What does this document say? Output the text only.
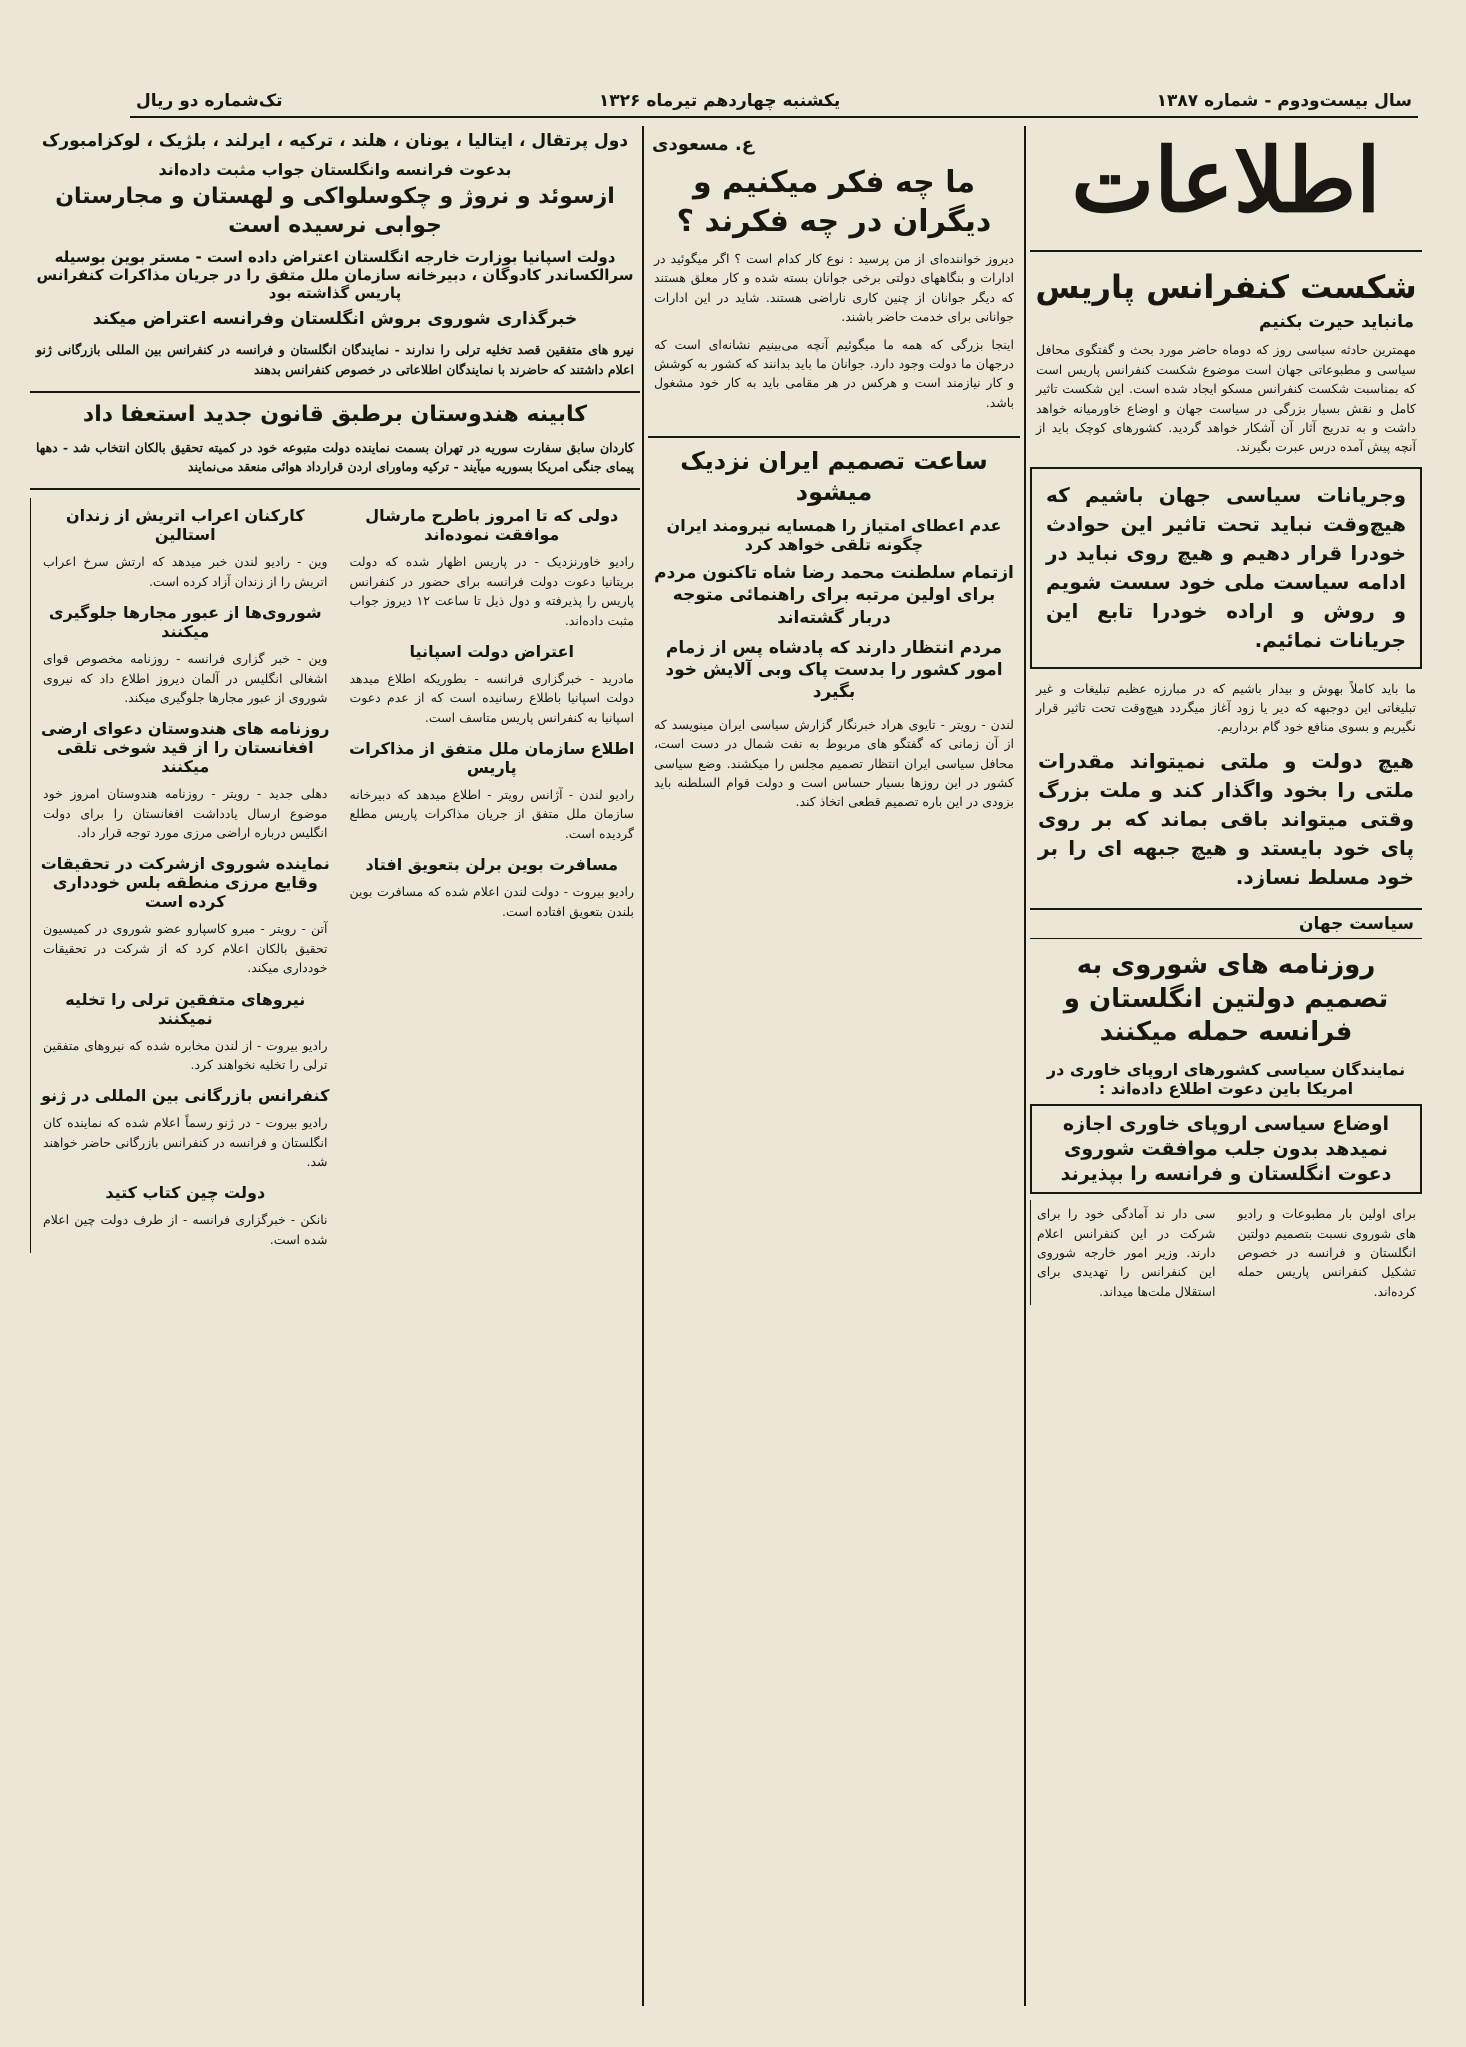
سال بیست‌و‌دوم - شماره ۱۳۸۷
یکشنبه چهاردهم تیرماه ۱۳۲۶
تک‌شماره دو ریال
اطلاعات
شکست کنفرانس پاریس
مانباید حیرت بکنیم

مهمترین حادثه سیاسی روز که دوماه حاضر مورد بحث و گفتگوی محافل سیاسی و مطبوعاتی جهان است موضوع شکست کنفرانس پاریس است که بمناسبت شکست کنفرانس مسکو ایجاد شده است. این شکست تاثیر کامل و نقش بسیار بزرگی در سیاست جهان و اوضاع خاورمیانه خواهد داشت و به تدریج آثار آن آشکار خواهد گردید. کشورهای کوچک باید از آنچه پیش آمده درس عبرت بگیرند.

وجریانات سیاسی جهان باشیم که هیچ‌وقت نباید تحت تاثیر این حوادث خودرا قرار دهیم و هیچ روی نباید در ادامه سیاست ملی خود سست شویم و روش و اراده خودرا تابع این جریانات نمائیم.

ما باید کاملاً بهوش و بیدار باشیم که در مبارزه عظیم تبلیغات و غیر تبلیغاتی این دوجبهه که دیر یا زود آغاز میگردد هیچ‌وقت تحت تاثیر قرار نگیریم و بسوی منافع خود گام برداریم.

هیچ دولت و ملتی نمیتواند مقدرات ملتی را بخود واگذار کند و ملت بزرگ وقتی میتواند باقی بماند که بر روی پای خود بایستد و هیچ جبهه ای را بر خود مسلط نسازد.

سیاست جهان
روزنامه های شوروی به تصمیم دولتین انگلستان و فرانسه حمله میکنند
نمایندگان سیاسی کشورهای اروپای خاوری در امریکا باین دعوت اطلاع داده‌اند :
اوضاع سیاسی اروپای خاوری اجازه نمیدهد بدون جلب موافقت شوروی دعوت انگلستان و فرانسه را بپذیرند

برای اولین بار مطبوعات و رادیو های شوروی نسبت بتصمیم دولتین انگلستان و فرانسه در خصوص تشکیل کنفرانس پاریس حمله کرده‌اند.

سی دار ند آمادگی خود را برای شرکت در این کنفرانس اعلام دارند. وزیر امور خارجه شوروی این کنفرانس را تهدیدی برای استقلال ملت‌ها میداند.

ع. مسعودی
ما چه فکر میکنیم و دیگران در چه فکرند ؟

دیروز خواننده‌ای از من پرسید : نوع کار کدام است ؟ اگر میگوئید در ادارات و بنگاههای دولتی برخی جوانان بسته شده و کار معلق هستند که دیگر جوانان از چنین کاری ناراضی هستند. شاید در این ادارات جوانانی برای خدمت حاضر باشند.

اینجا بزرگی که همه ما میگوئیم آنچه می‌بینیم نشانه‌ای است که درجهان ما دولت وجود دارد. جوانان ما باید بدانند که کشور به کوشش و کار نیازمند است و هرکس در هر مقامی باید به کار خود مشغول باشد.

ساعت تصمیم ایران نزدیک میشود
عدم اعطای امتیاز را همسایه نیرومند ایران چگونه تلقی خواهد کرد
ازتمام سلطنت محمد رضا شاه تاکنون مردم برای اولین مرتبه برای راهنمائی متوجه دربار گشته‌اند
مردم انتظار دارند که پادشاه پس از زمام امور کشور را بدست پاک وبی آلایش خود بگیرد

لندن - رویتر - تایوی هراد خبرنگار گزارش سیاسی ایران مینویسد که از آن زمانی که گفتگو های مربوط به نفت شمال در دست است، محافل سیاسی ایران انتظار تصمیم مجلس را میکشند. وضع سیاسی کشور در این روزها بسیار حساس است و دولت قوام السلطنه باید بزودی در این باره تصمیم قطعی اتخاذ کند.

دول پرتقال ، ایتالیا ، یونان ، هلند ، ترکیه ، ایرلند ، بلژیک ، لوکزامبورک
بدعوت فرانسه وانگلستان جواب مثبت داده‌اند
ازسوئد و نروژ و چکوسلواکی و لهستان و مجارستان جوابی نرسیده است
دولت اسپانیا بوزارت خارجه انگلستان اعتراض داده است - مستر بوین بوسیله سرالکساندر کادوگان ، دبیرخانه سازمان ملل متفق را در جریان مذاکرات کنفرانس پاریس گذاشته بود
خبرگذاری شوروی بروش انگلستان وفرانسه اعتراض میکند

نیرو های متفقین قصد تخلیه ترلی را ندارند - نمایندگان انگلستان و فرانسه در کنفرانس بین المللی بازرگانی ژنو اعلام داشتند که حاضرند با نمایندگان اطلاعاتی در خصوص کنفرانس بدهند

کابینه هندوستان برطبق قانون جدید استعفا داد

کاردان سابق سفارت سوریه در تهران بسمت نماینده دولت متبوعه خود در کمیته تحقیق بالکان انتخاب شد - دهها پیمای جنگی امریکا بسوریه میآیند - ترکیه وماورای اردن قرارداد هوائی منعقد می‌نمایند

دولی که تا امروز باطرح مارشال موافقت نموده‌اند

رادیو خاورنزدیک - در پاریس اظهار شده که دولت بریتانیا دعوت دولت فرانسه برای حضور در کنفرانس پاریس را پذیرفته و دول ذیل تا ساعت ۱۲ دیروز جواب مثبت داده‌اند.

اعتراض دولت اسپانیا

مادرید - خبرگزاری فرانسه - بطوریکه اطلاع میدهد دولت اسپانیا باطلاع رسانیده است که از عدم دعوت اسپانیا به کنفرانس پاریس متاسف است.

اطلاع سازمان ملل متفق از مذاکرات پاریس

رادیو لندن - آژانس رویتر - اطلاع میدهد که دبیرخانه سازمان ملل متفق از جریان مذاکرات پاریس مطلع گردیده است.

مسافرت بوین برلن بتعویق افتاد

رادیو بیروت - دولت لندن اعلام شده که مسافرت بوین بلندن بتعویق افتاده است.

کارکنان اعراب اتریش از زندان استالین

وین - رادیو لندن خبر میدهد که ارتش سرخ اعراب اتریش را از زندان آزاد کرده است.

شوروی‌ها از عبور مجارها جلوگیری میکنند

وین - خبر گزاری فرانسه - روزنامه مخصوص قوای اشغالی انگلیس در آلمان دیروز اطلاع داد که نیروی شوروی از عبور مجارها جلوگیری میکند.

روزنامه های هندوستان دعوای ارضی افغانستان را از قید شوخی تلقی میکنند

دهلی جدید - رویتر - روزنامه هندوستان امروز خود موضوع ارسال یادداشت افغانستان را برای دولت انگلیس درباره اراضی مرزی مورد توجه قرار داد.

نماینده شوروی ازشرکت در تحقیقات وقایع مرزی منطقه بلس خودداری کرده است

آتن - رویتر - میرو کاسپارو عضو شوروی در کمیسیون تحقیق بالکان اعلام کرد که از شرکت در تحقیقات خودداری میکند.

نیروهای متفقین ترلی را تخلیه نمیکنند

رادیو بیروت - از لندن مخابره شده که نیروهای متفقین ترلی را تخلیه نخواهند کرد.

کنفرانس بازرگانی بین المللی در ژنو

رادیو بیروت - در ژنو رسماً اعلام شده که نماینده کان انگلستان و فرانسه در کنفرانس بازرگانی حاضر خواهند شد.

دولت چین کتاب کتید

نانکن - خبرگزاری فرانسه - از طرف دولت چین اعلام شده است.
